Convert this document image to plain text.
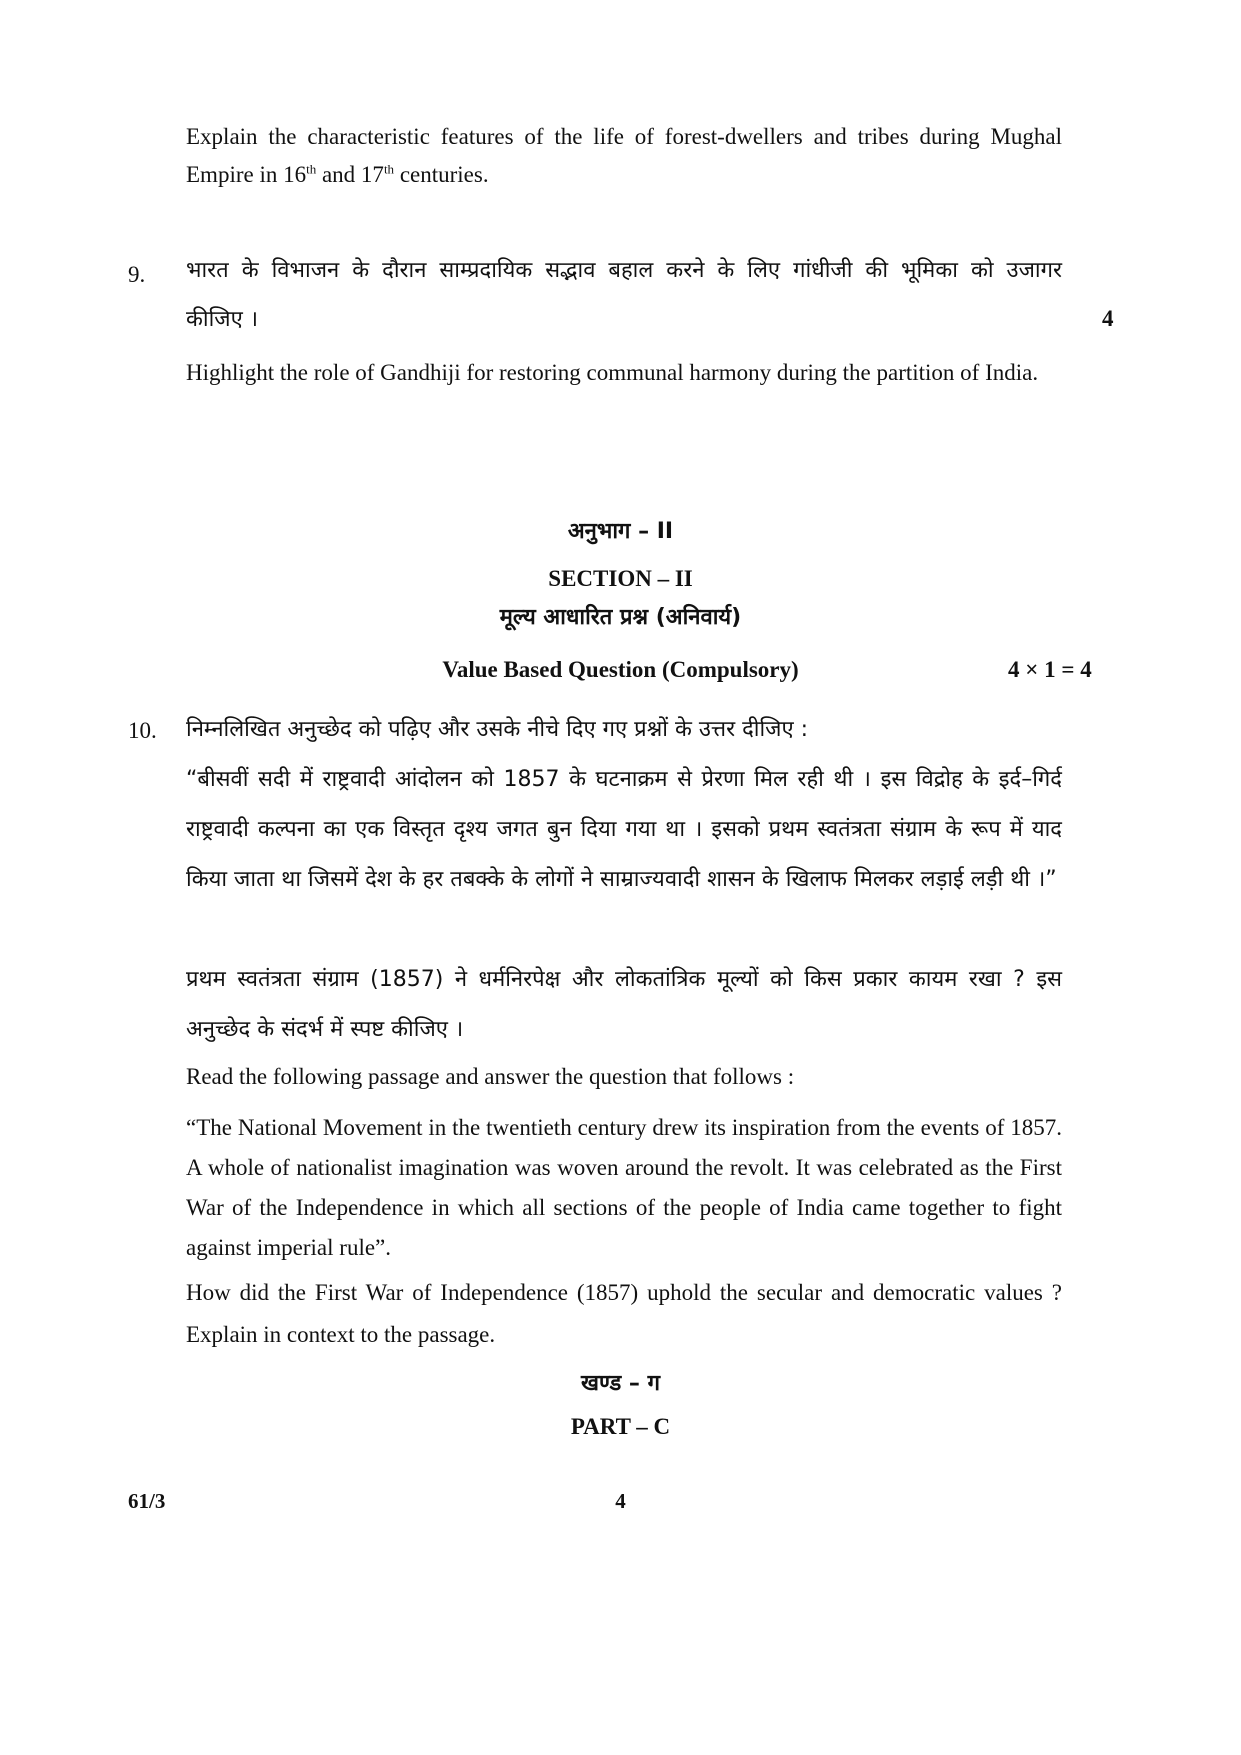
Explain the characteristic features of the life of forest-dwellers and tribes during Mughal Empire in 16th and 17th centuries.

9. भारत के विभाजन के दौरान साम्प्रदायिक सद्भाव बहाल करने के लिए गांधीजी की भूमिका को उजागर

कीजिए ।	4

Highlight the role of Gandhiji for restoring communal harmony during the partition of India.

अनुभाग – II
SECTION – II
मूल्य आधारित प्रश्न (अनिवार्य)
Value Based Question (Compulsory)	4 × 1 = 4
10. निम्नलिखित अनुच्छेद को पढ़िए और उसके नीचे दिए गए प्रश्नों के उत्तर दीजिए :

“बीसवीं सदी में राष्ट्रवादी आंदोलन को 1857 के घटनाक्रम से प्रेरणा मिल रही थी । इस विद्रोह के इर्द–गिर्द राष्ट्रवादी कल्पना का एक विस्तृत दृश्य जगत बुन दिया गया था । इसको प्रथम स्वतंत्रता संग्राम के रूप में याद किया जाता था जिसमें देश के हर तबक्के के लोगों ने साम्राज्यवादी शासन के खिलाफ मिलकर लड़ाई लड़ी थी ।”

प्रथम स्वतंत्रता संग्राम (1857) ने धर्मनिरपेक्ष और लोकतांत्रिक मूल्यों को किस प्रकार कायम रखा ? इस अनुच्छेद के संदर्भ में स्पष्ट कीजिए ।

Read the following passage and answer the question that follows :

“The National Movement in the twentieth century drew its inspiration from the events of 1857. A whole of nationalist imagination was woven around the revolt. It was celebrated as the First War of the Independence in which all sections of the people of India came together to fight against imperial rule”.

How did the First War of Independence (1857) uphold the secular and democratic values ? Explain in context to the passage.

खण्ड – ग
PART – C
61/3	4
